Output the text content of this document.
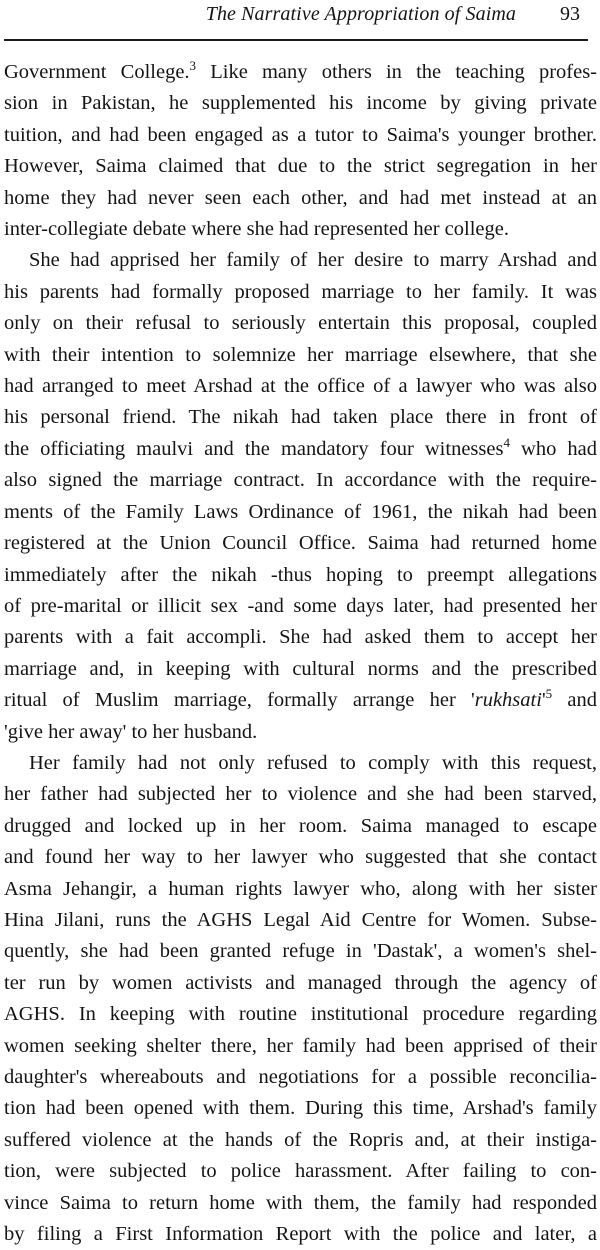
The Narrative Appropriation of Saima 93
Government College.$^3$ Like many others in the teaching profes-
sion in Pakistan, he supplemented his income by giving private
tuition, and had been engaged as a tutor to Saima's younger brother.
However, Saima claimed that due to the strict segregation in her
home they had never seen each other, and had met instead at an
inter-collegiate debate where she had represented her college.
She had apprised her family of her desire to marry Arshad and
his parents had formally proposed marriage to her family. It was
only on their refusal to seriously entertain this proposal, coupled
with their intention to solemnize her marriage elsewhere, that she
had arranged to meet Arshad at the office of a lawyer who was also
his personal friend. The nikah had taken place there in front of
the officiating maulvi and the mandatory four witnesses$^4$ who had
also signed the marriage contract. In accordance with the require-
ments of the Family Laws Ordinance of 1961, the nikah had been
registered at the Union Council Office. Saima had returned home
immediately after the nikah -thus hoping to preempt allegations
of pre-marital or illicit sex -and some days later, had presented her
parents with a fait accompli. She had asked them to accept her
marriage and, in keeping with cultural norms and the prescribed
ritual of Muslim marriage, formally arrange her '$rukhsati'^5$ and
'give her away' to her husband.
Her family had not only refused to comply with this request,
her father had subjected her to violence and she had been starved,
drugged and locked up in her room. Saima managed to escape
and found her way to her lawyer who suggested that she contact
Asma Jehangir, a human rights lawyer who, along with her sister
Hina Jilani, runs the AGHS Legal Aid Centre for Women. Subse-
quently, she had been granted refuge in 'Dastak', a women's shel-
ter run by women activists and managed through the agency of
AGHS. In keeping with routine institutional procedure regarding
women seeking shelter there, her family had been apprised of their
daughter's whereabouts and negotiations for a possible reconcilia-
tion had been opened with them. During this time, Arshad's family
suffered violence at the hands of the Ropris and, at their instiga-
tion, were subjected to police harassment. After failing to con-
vince Saima to return home with them, the family had responded
by filing a First Information Report with the police and later, a
